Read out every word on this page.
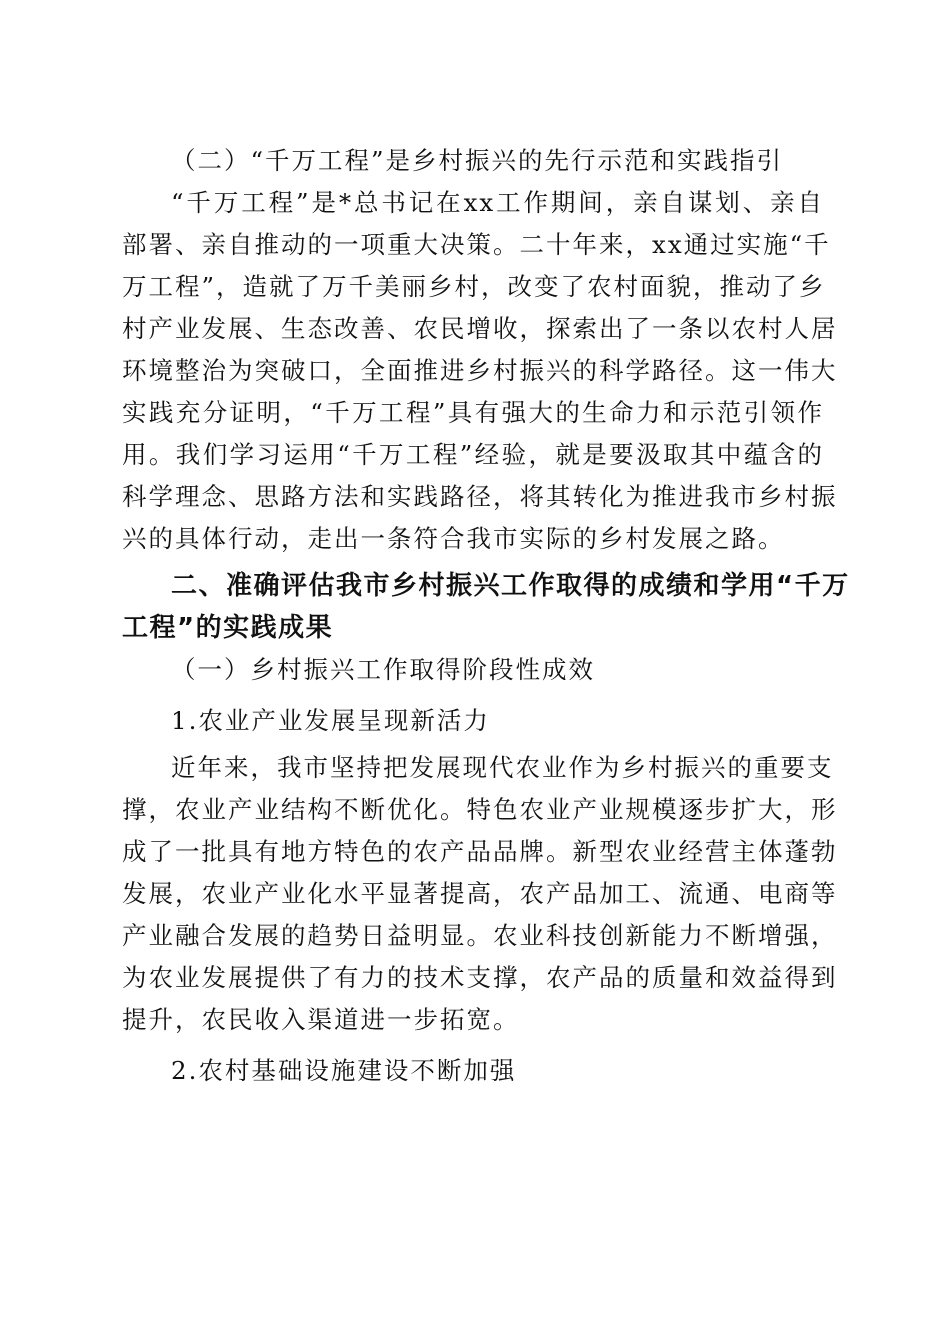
（二）“千万工程”是乡村振兴的先行示范和实践指引
“千万工程”是*总书记在xx工作期间，亲自谋划、亲自
部署、亲自推动的一项重大决策。二十年来，xx通过实施“千
万工程”，造就了万千美丽乡村，改变了农村面貌，推动了乡
村产业发展、生态改善、农民增收，探索出了一条以农村人居
环境整治为突破口，全面推进乡村振兴的科学路径。这一伟大
实践充分证明，“千万工程”具有强大的生命力和示范引领作
用。我们学习运用“千万工程”经验，就是要汲取其中蕴含的
科学理念、思路方法和实践路径，将其转化为推进我市乡村振
兴的具体行动，走出一条符合我市实际的乡村发展之路。
二、准确评估我市乡村振兴工作取得的成绩和学用“千万
工程”的实践成果
（一）乡村振兴工作取得阶段性成效
1.农业产业发展呈现新活力
近年来，我市坚持把发展现代农业作为乡村振兴的重要支
撑，农业产业结构不断优化。特色农业产业规模逐步扩大，形
成了一批具有地方特色的农产品品牌。新型农业经营主体蓬勃
发展，农业产业化水平显著提高，农产品加工、流通、电商等
产业融合发展的趋势日益明显。农业科技创新能力不断增强，
为农业发展提供了有力的技术支撑，农产品的质量和效益得到
提升，农民收入渠道进一步拓宽。
2.农村基础设施建设不断加强
